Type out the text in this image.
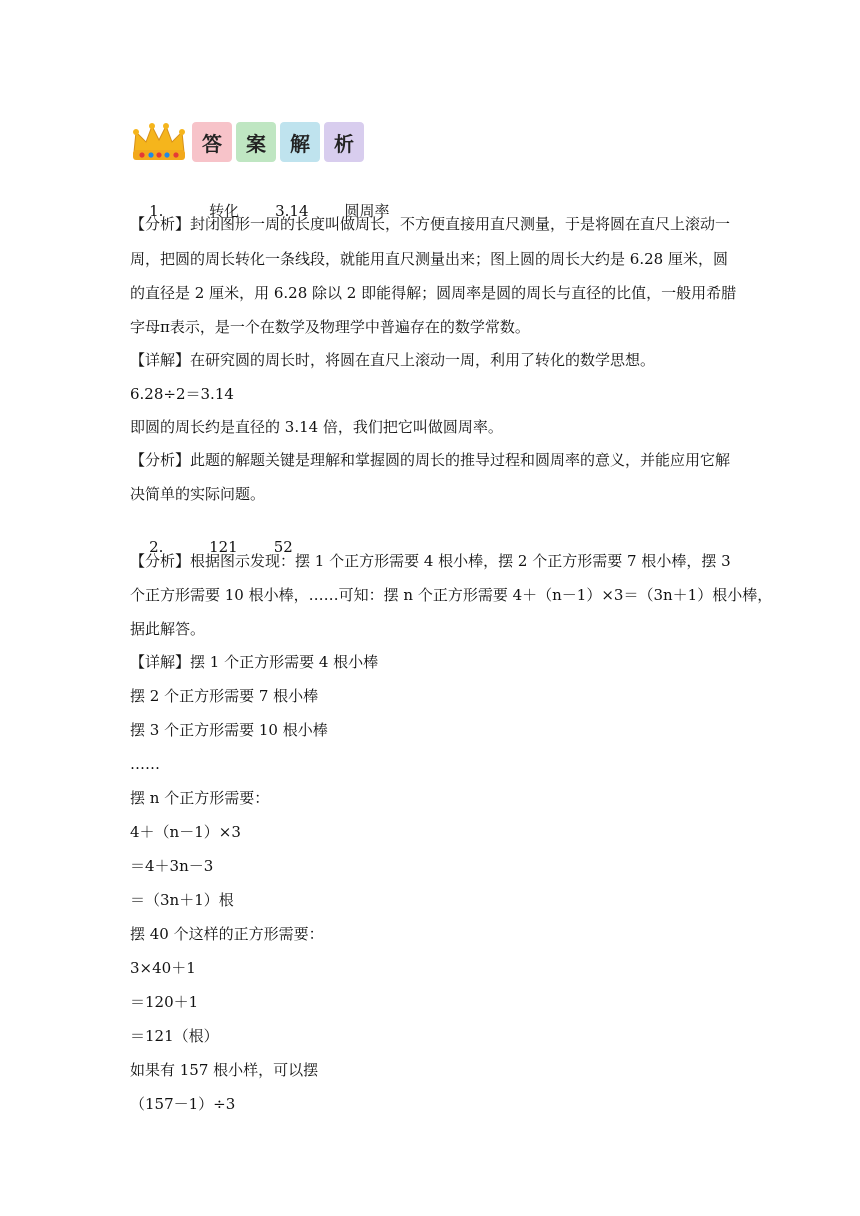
答	案	解	析

1.	转化 3.14 圆周率

【分析】封闭图形一周的长度叫做周长，不方便直接用直尺测量，于是将圆在直尺上滚动一
周，把圆的周长转化一条线段，就能用直尺测量出来；图上圆的周长大约是 6.28 厘米，圆
的直径是 2 厘米，用 6.28 除以 2 即能得解；圆周率是圆的周长与直径的比值，一般用希腊
字母π表示，是一个在数学及物理学中普遍存在的数学常数。
【详解】在研究圆的周长时，将圆在直尺上滚动一周，利用了转化的数学思想。
6.28÷2＝3.14
即圆的周长约是直径的 3.14 倍，我们把它叫做圆周率。
【分析】此题的解题关键是理解和掌握圆的周长的推导过程和圆周率的意义，并能应用它解
决简单的实际问题。

2.	121 52

【分析】根据图示发现：摆 1 个正方形需要 4 根小棒，摆 2 个正方形需要 7 根小棒，摆 3
个正方形需要 10 根小棒，……可知：摆 n 个正方形需要 4＋（n－1）×3＝（3n＋1）根小棒，
据此解答。
【详解】摆 1 个正方形需要 4 根小棒
摆 2 个正方形需要 7 根小棒
摆 3 个正方形需要 10 根小棒
……
摆 n 个正方形需要：
4＋（n－1）×3
＝4＋3n－3
＝（3n＋1）根
摆 40 个这样的正方形需要：
3×40＋1
＝120＋1
＝121（根）
如果有 157 根小样，可以摆
（157－1）÷3
